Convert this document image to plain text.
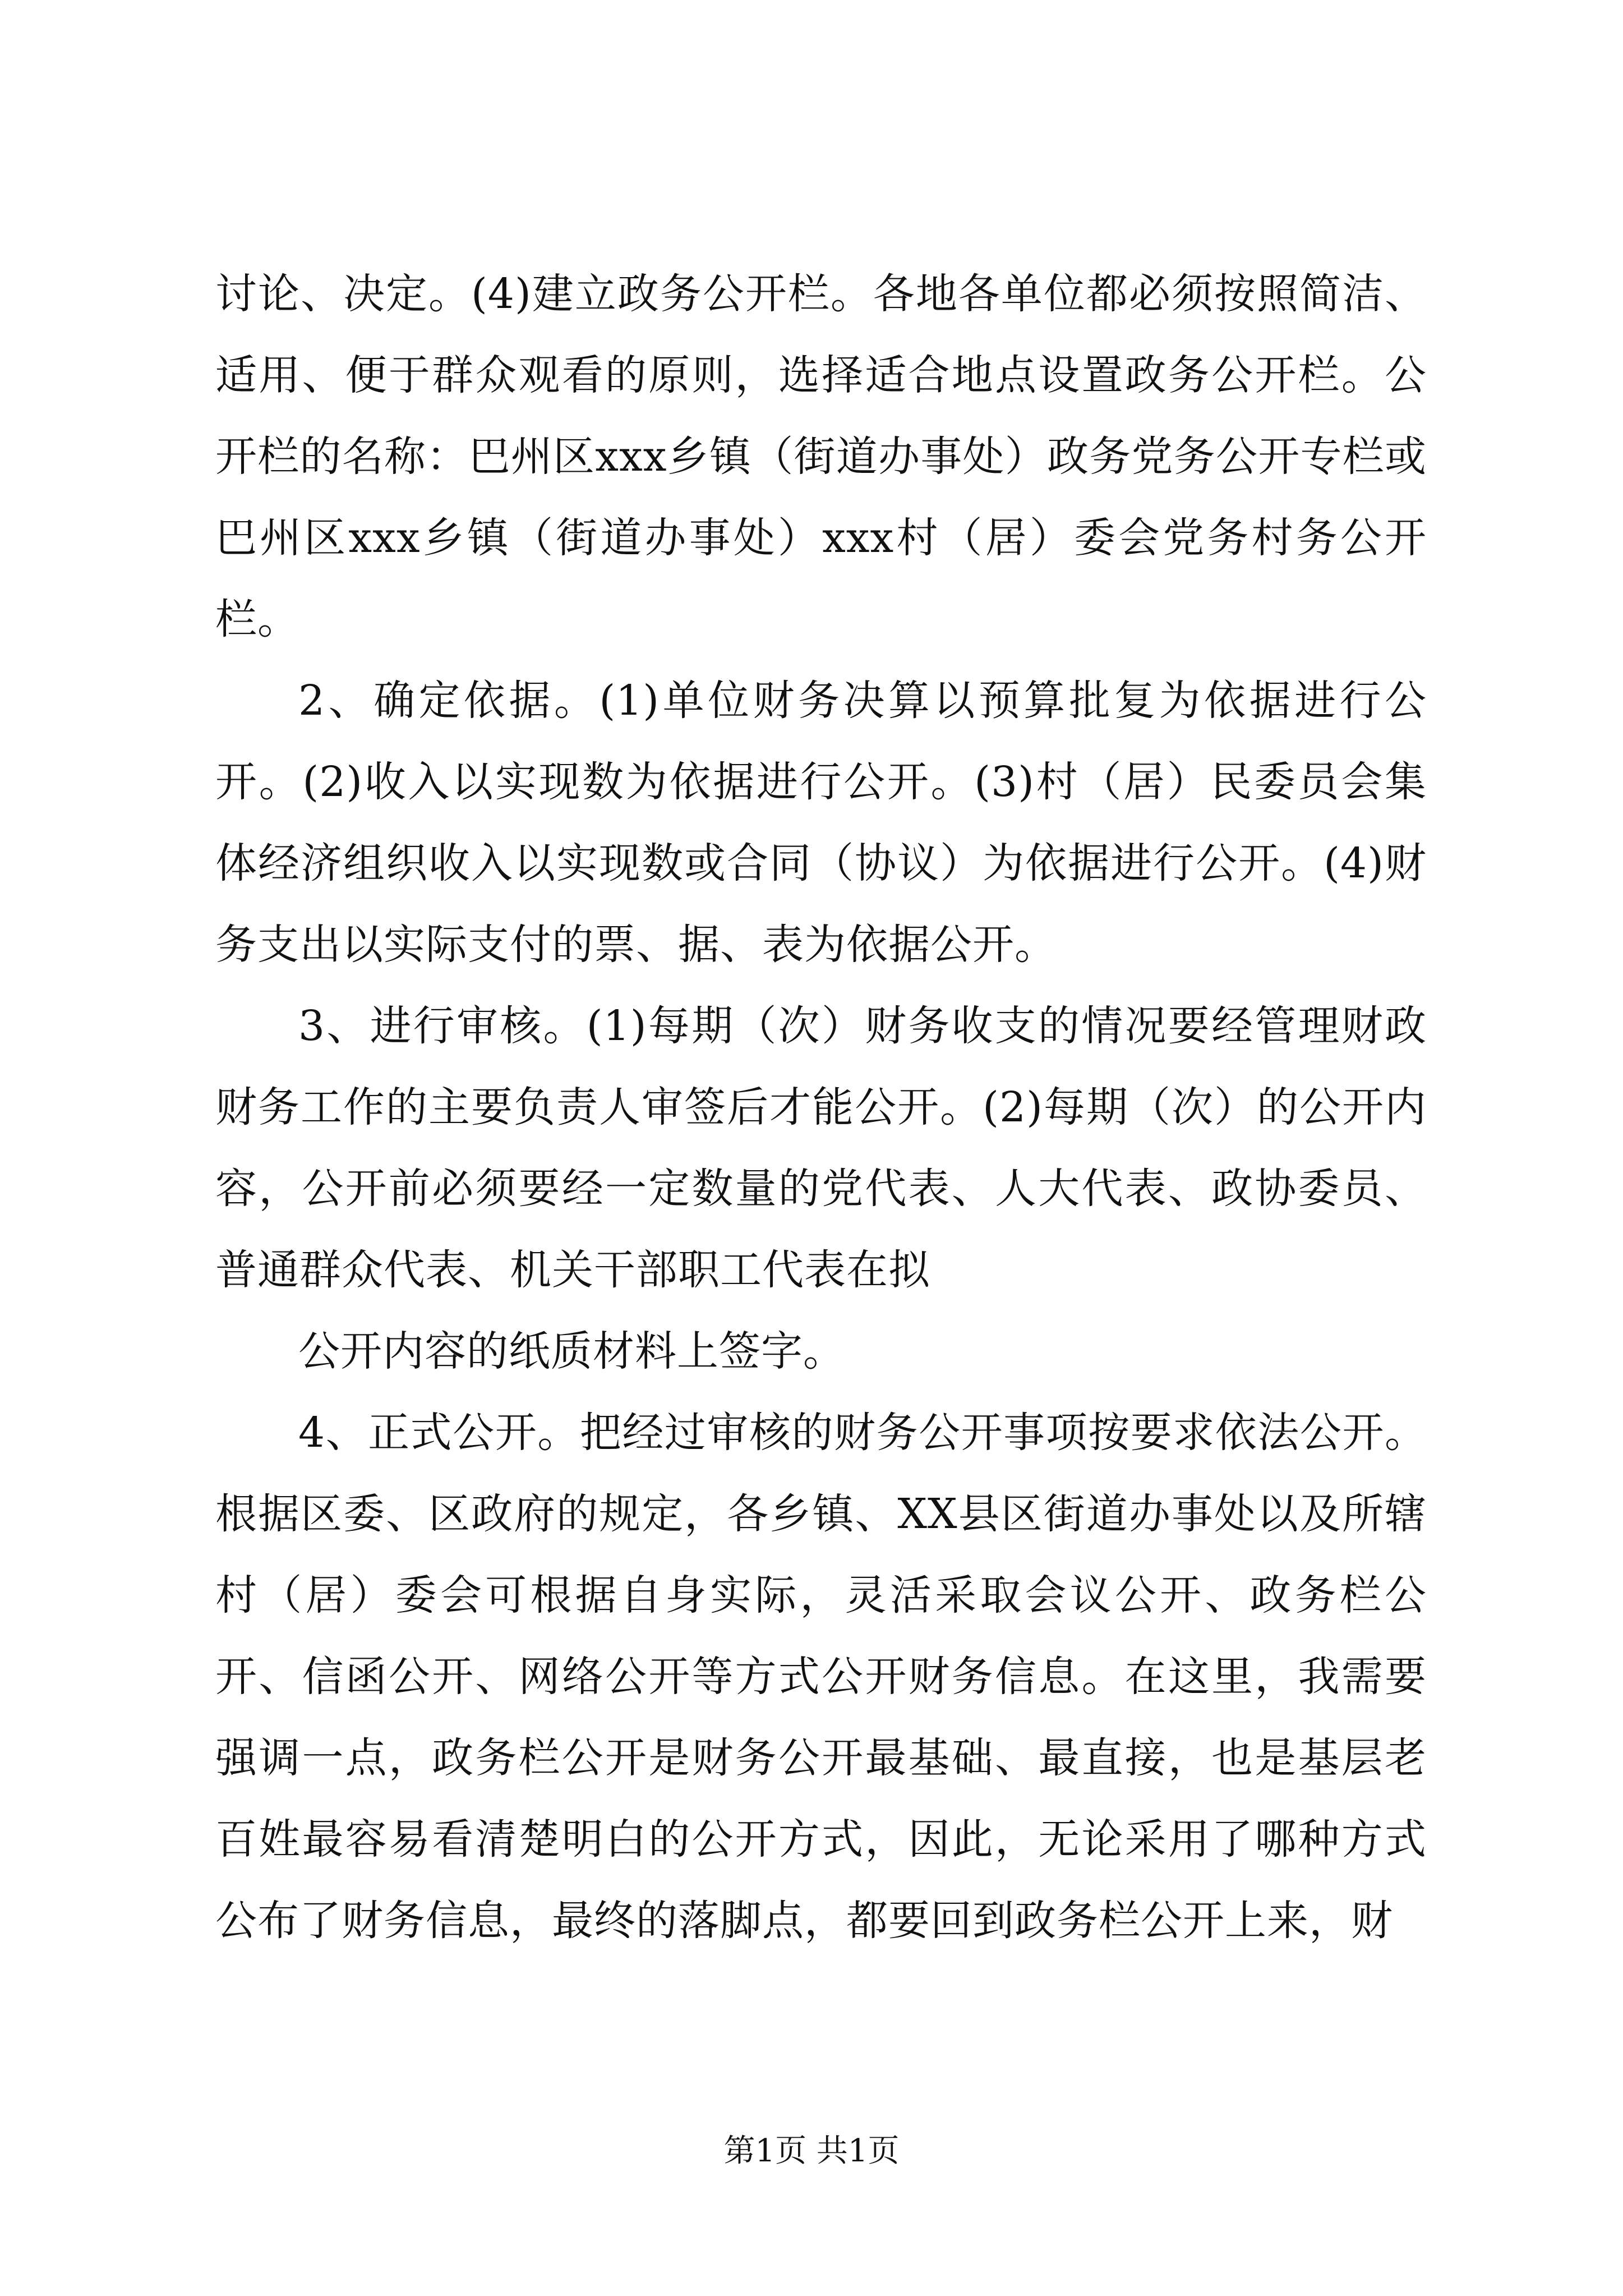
讨论、决定。(4)建立政务公开栏。各地各单位都必须按照简洁、适用、便于群众观看的原则，选择适合地点设置政务公开栏。公开栏的名称：巴州区xxx乡镇（街道办事处）政务党务公开专栏或巴州区xxx乡镇（街道办事处）xxx村（居）委会党务村务公开栏。

2、确定依据。(1)单位财务决算以预算批复为依据进行公开。(2)收入以实现数为依据进行公开。(3)村（居）民委员会集体经济组织收入以实现数或合同（协议）为依据进行公开。(4)财务支出以实际支付的票、据、表为依据公开。

3、进行审核。(1)每期（次）财务收支的情况要经管理财政财务工作的主要负责人审签后才能公开。(2)每期（次）的公开内容，公开前必须要经一定数量的党代表、人大代表、政协委员、普通群众代表、机关干部职工代表在拟

公开内容的纸质材料上签字。

4、正式公开。把经过审核的财务公开事项按要求依法公开。根据区委、区政府的规定，各乡镇、XX县区街道办事处以及所辖村（居）委会可根据自身实际，灵活采取会议公开、政务栏公开、信函公开、网络公开等方式公开财务信息。在这里，我需要强调一点，政务栏公开是财务公开最基础、最直接，也是基层老百姓最容易看清楚明白的公开方式，因此，无论采用了哪种方式公布了财务信息，最终的落脚点，都要回到政务栏公开上来，财

第1页 共1页
